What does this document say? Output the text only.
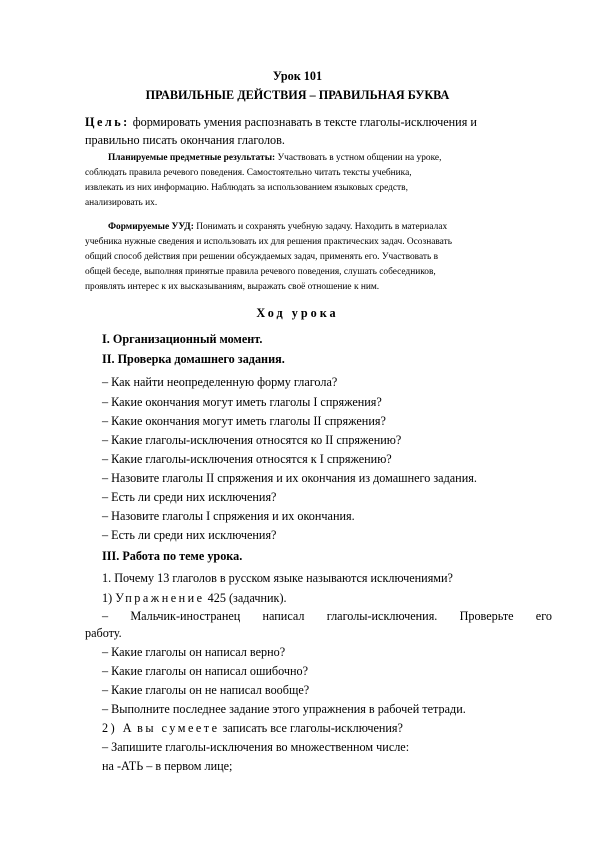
Урок 101
ПРАВИЛЬНЫЕ ДЕЙСТВИЯ – ПРАВИЛЬНАЯ БУКВА
Цель: формировать умения распознавать в тексте глаголы-исключения и
правильно писать окончания глаголов.
Планируемые предметные результаты: Участвовать в устном общении на уроке,
соблюдать правила речевого поведения. Самостоятельно читать тексты учебника,
извлекать из них информацию. Наблюдать за использованием языковых средств,
анализировать их.
Формируемые УУД: Понимать и сохранять учебную задачу. Находить в материалах
учебника нужные сведения и использовать их для решения практических задач. Осознавать
общий способ действия при решении обсуждаемых задач, применять его. Участвовать в
общей беседе, выполняя принятые правила речевого поведения, слушать собеседников,
проявлять интерес к их высказываниям, выражать своё отношение к ним.
Ход урока
I. Организационный момент.
II. Проверка домашнего задания.
– Как найти неопределенную форму глагола?
– Какие окончания могут иметь глаголы I спряжения?
– Какие окончания могут иметь глаголы II спряжения?
– Какие глаголы-исключения относятся ко II спряжению?
– Какие глаголы-исключения относятся к I спряжению?
– Назовите глаголы II спряжения и их окончания из домашнего задания.
– Есть ли среди них исключения?
– Назовите глаголы I спряжения и их окончания.
– Есть ли среди них исключения?
III. Работа по теме урока.
1. Почему 13 глаголов в русском языке называются исключениями?
1) Упражнение 425 (задачник).
– Мальчик-иностранец написал глаголы-исключения. Проверьте его
работу.
– Какие глаголы он написал верно?
– Какие глаголы он написал ошибочно?
– Какие глаголы он не написал вообще?
– Выполните последнее задание этого упражнения в рабочей тетради.
2) А вы сумеете записать все глаголы-исключения?
– Запишите глаголы-исключения во множественном числе:
на -АТЬ – в первом лице;
